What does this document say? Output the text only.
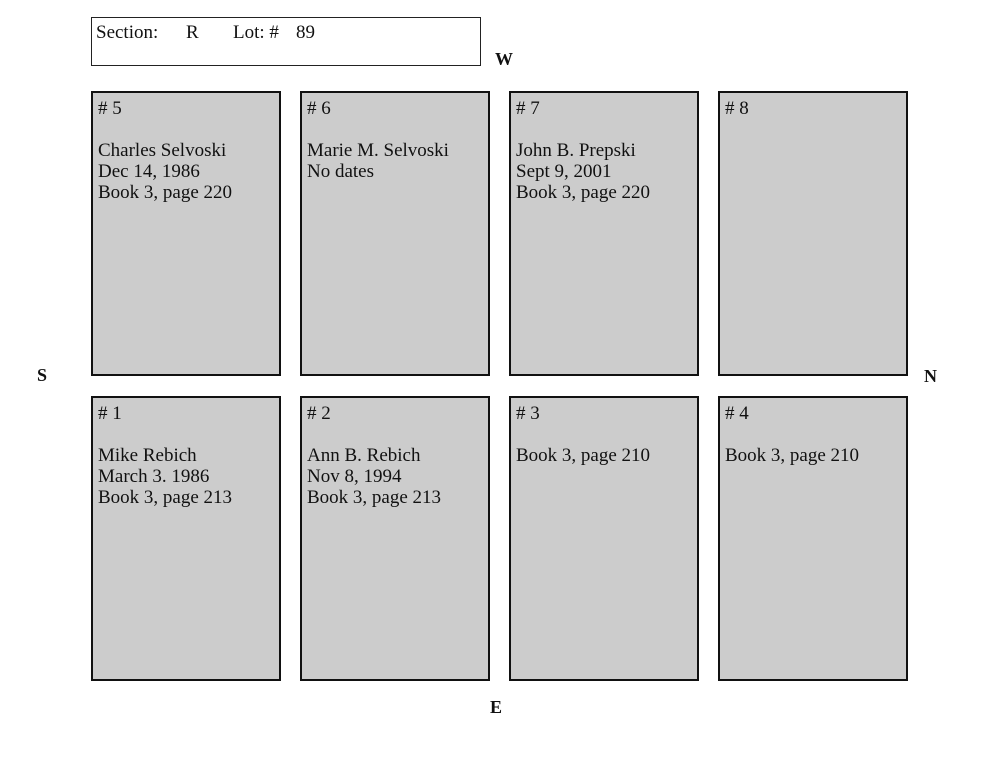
Section: R Lot: # 89
W
E
S	N
# 5
Charles Selvoski
Dec 14, 1986
Book 3, page 220
# 6
Marie M. Selvoski
No dates
# 7
John B. Prepski
Sept 9, 2001
Book 3, page 220
# 8
# 1
Mike Rebich
March 3. 1986
Book 3, page 213
# 2
Ann B. Rebich
Nov 8, 1994
Book 3, page 213
# 3
Book 3, page 210
# 4
Book 3, page 210
